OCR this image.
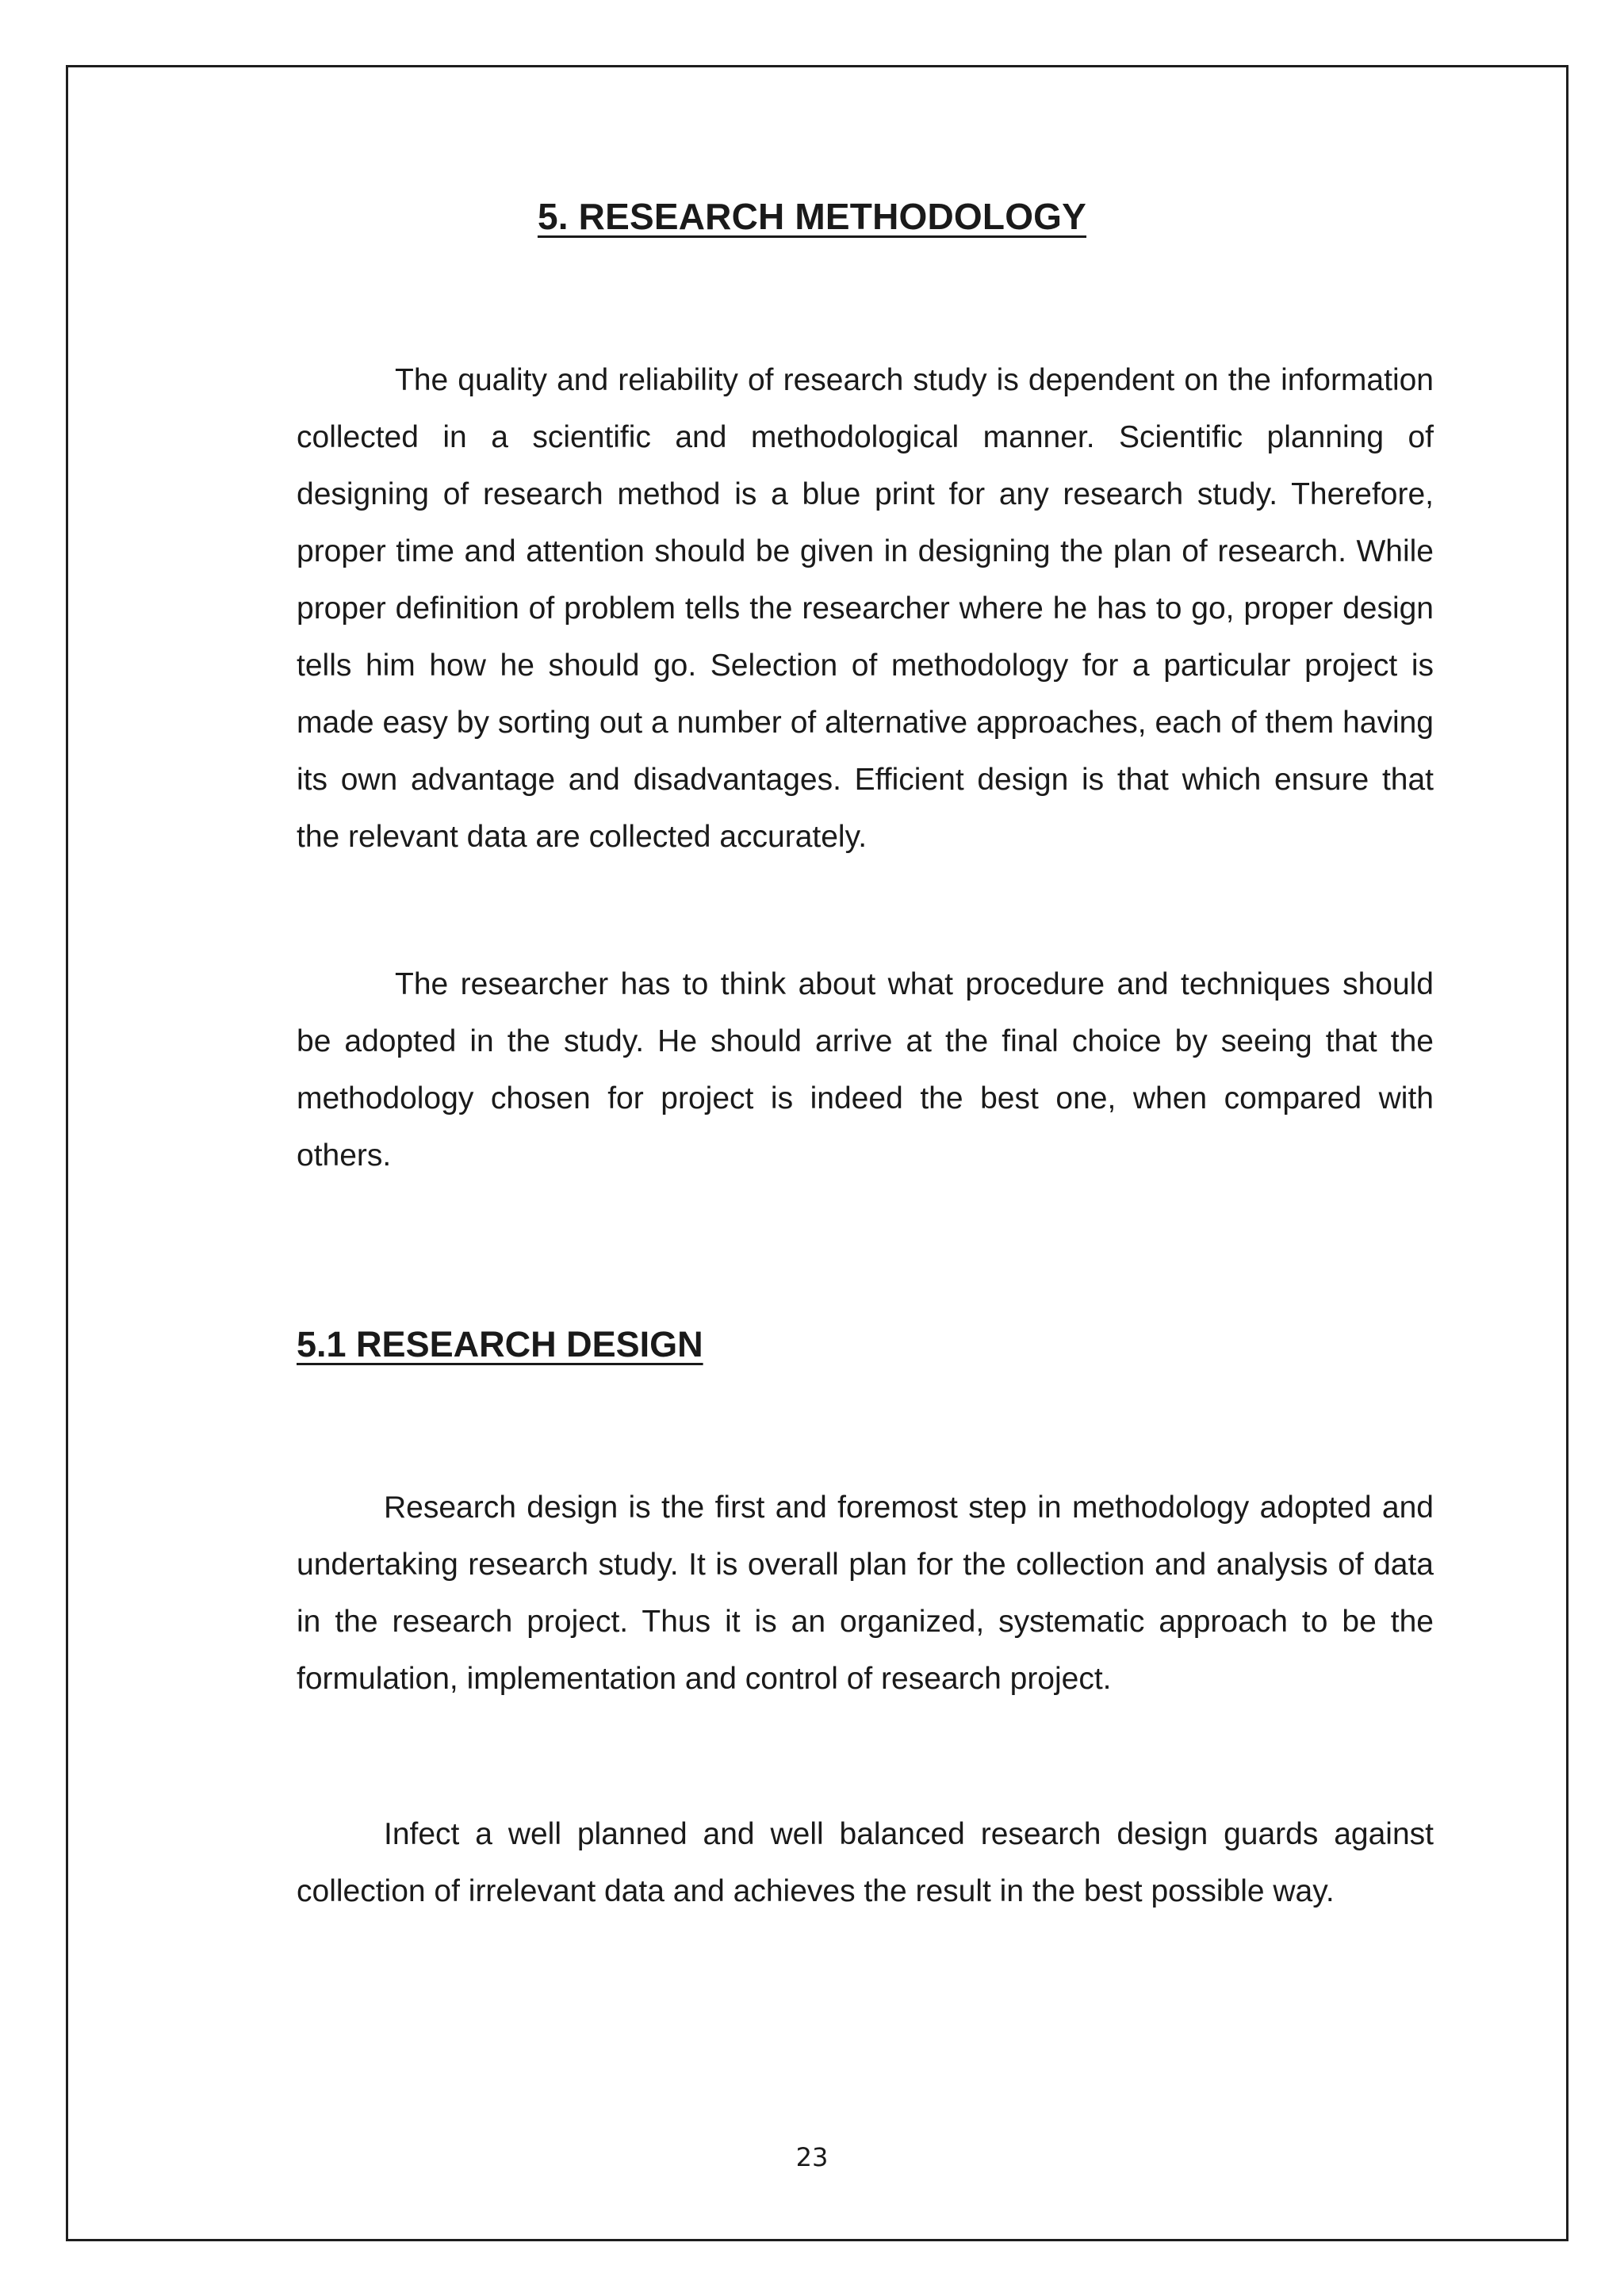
5. RESEARCH METHODOLOGY

The quality and reliability of research study is dependent on the information collected in a scientific and methodological manner. Scientific planning of designing of research method is a blue print for any research study. Therefore, proper time and attention should be given in designing the plan of research. While proper definition of problem tells the researcher where he has to go, proper design tells him how he should go. Selection of methodology for a particular project is made easy by sorting out a number of alternative approaches, each of them having its own advantage and disadvantages. Efficient design is that which ensure that the relevant data are collected accurately.

The researcher has to think about what procedure and techniques should be adopted in the study. He should arrive at the final choice by seeing that the methodology chosen for project is indeed the best one, when compared with others.

5.1 RESEARCH DESIGN

Research design is the first and foremost step in methodology adopted and undertaking research study. It is overall plan for the collection and analysis of data in the research project. Thus it is an organized, systematic approach to be the formulation, implementation and control of research project.

Infect a well planned and well balanced research design guards against collection of irrelevant data and achieves the result in the best possible way.

23
